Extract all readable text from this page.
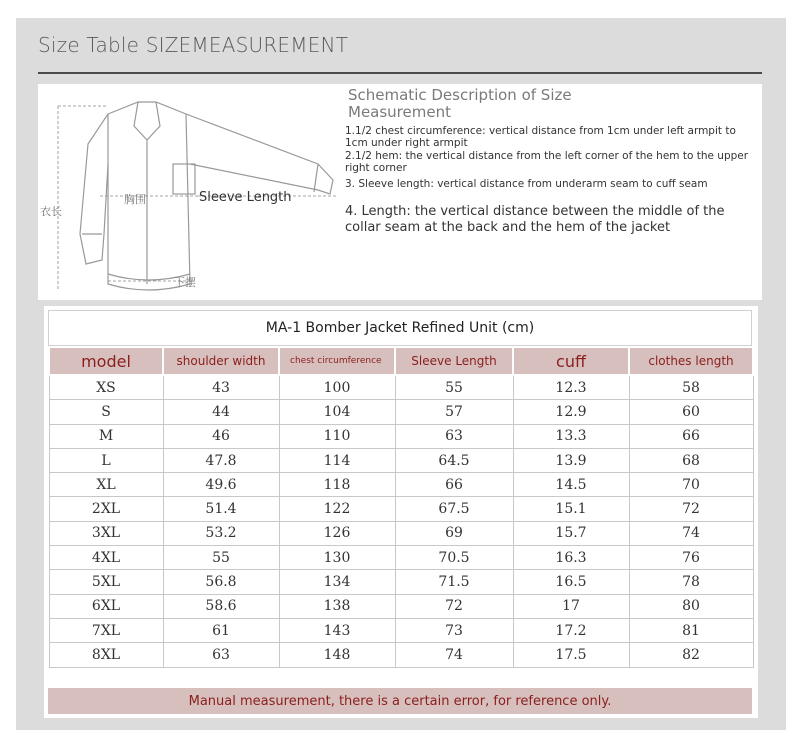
Size Table SIZEMEASUREMENT
衣长
胸围
下摆
Sleeve Length
Schematic Description of Size Measurement
1.1/2 chest circumference: vertical distance from 1cm under left armpit to 1cm under right armpit
2.1/2 hem: the vertical distance from the left corner of the hem to the upper right corner
3. Sleeve length: vertical distance from underarm seam to cuff seam
4. Length: the vertical distance between the middle of the collar seam at the back and the hem of the jacket
MA-1 Bomber Jacket Refined Unit (cm)
model	shoulder width	chest circumference	Sleeve Length	cuff	clothes length
XS	43	100	55	12.3	58
S	44	104	57	12.9	60
M	46	110	63	13.3	66
L	47.8	114	64.5	13.9	68
XL	49.6	118	66	14.5	70
2XL	51.4	122	67.5	15.1	72
3XL	53.2	126	69	15.7	74
4XL	55	130	70.5	16.3	76
5XL	56.8	134	71.5	16.5	78
6XL	58.6	138	72	17	80
7XL	61	143	73	17.2	81
8XL	63	148	74	17.5	82
Manual measurement, there is a certain error, for reference only.
